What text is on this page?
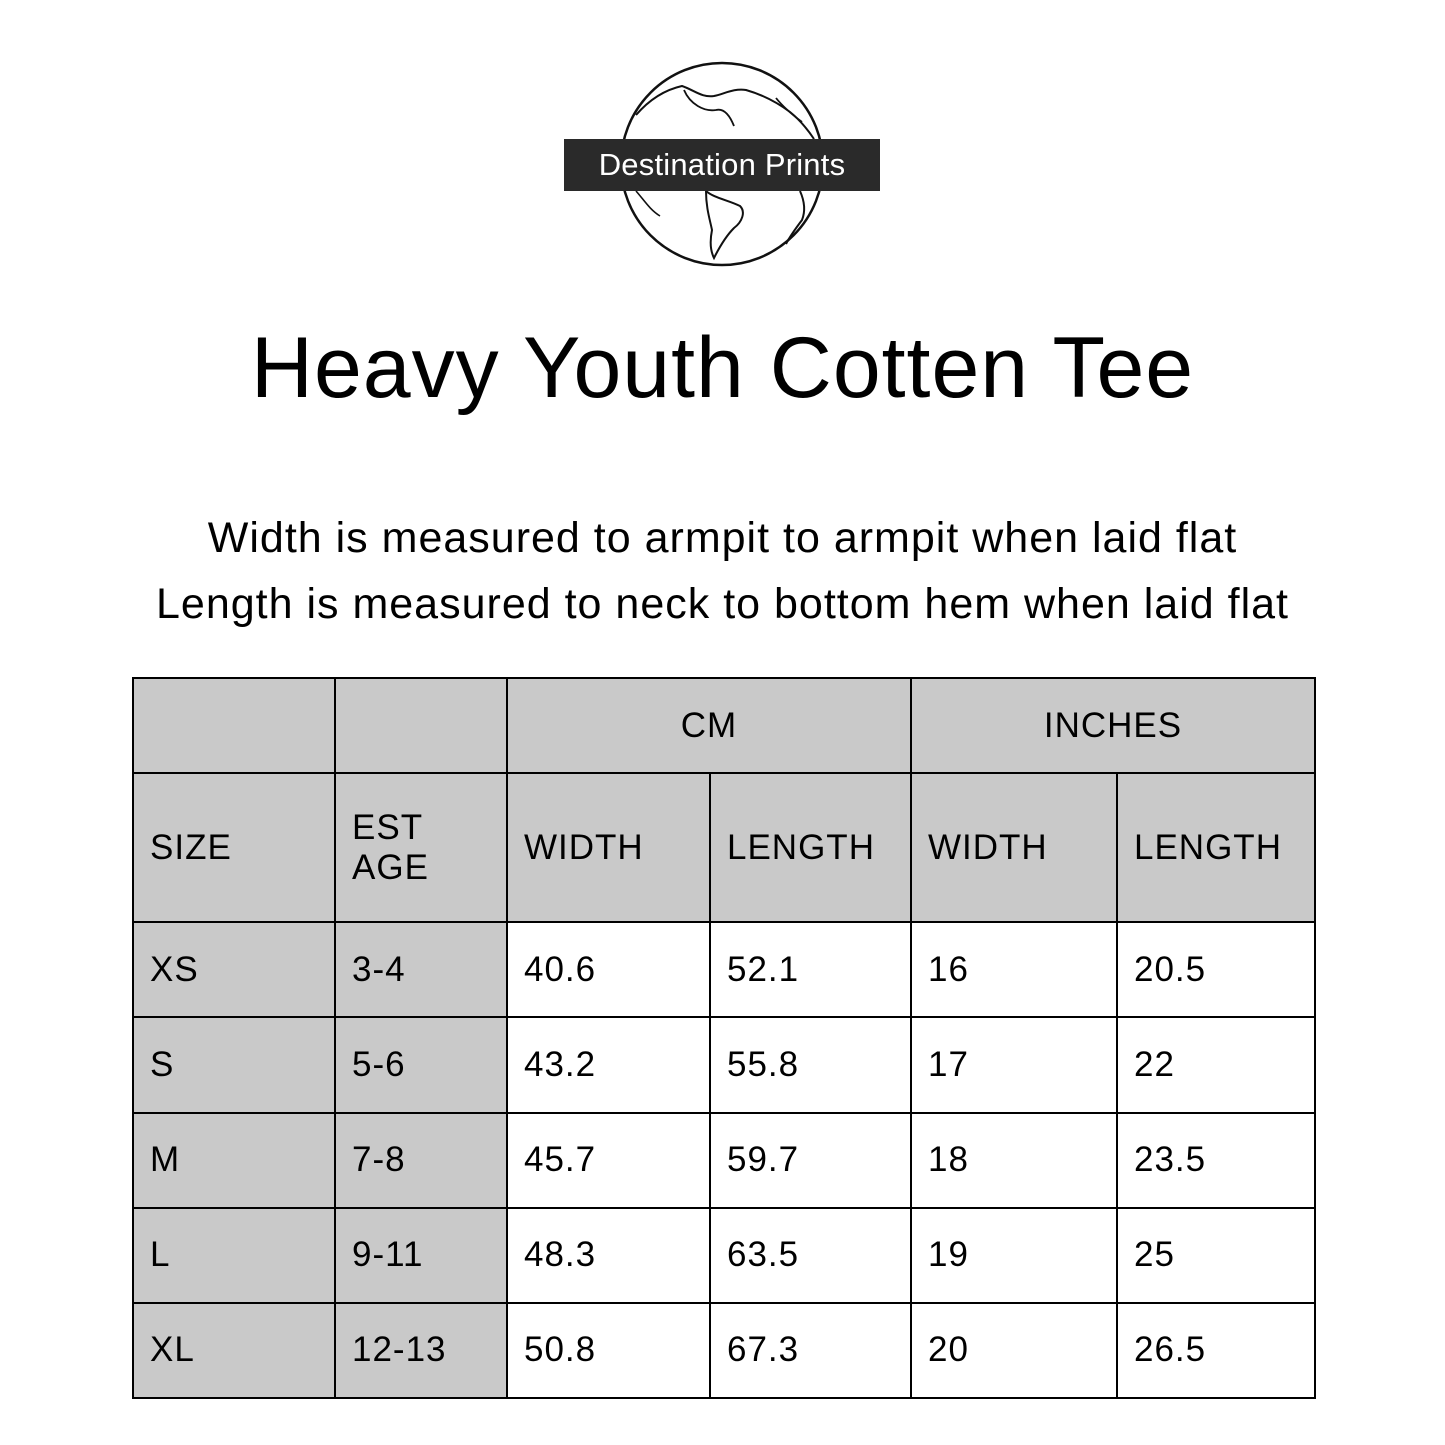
Destination Prints
Heavy Youth Cotten Tee
Width is measured to armpit to armpit when laid flat
Length is measured to neck to bottom hem when laid flat
		CM		INCHES	
SIZE	EST AGE	WIDTH	LENGTH	WIDTH	LENGTH
XS	3-4	40.6	52.1	16	20.5
S	5-6	43.2	55.8	17	22
M	7-8	45.7	59.7	18	23.5
L	9-11	48.3	63.5	19	25
XL	12-13	50.8	67.3	20	26.5
